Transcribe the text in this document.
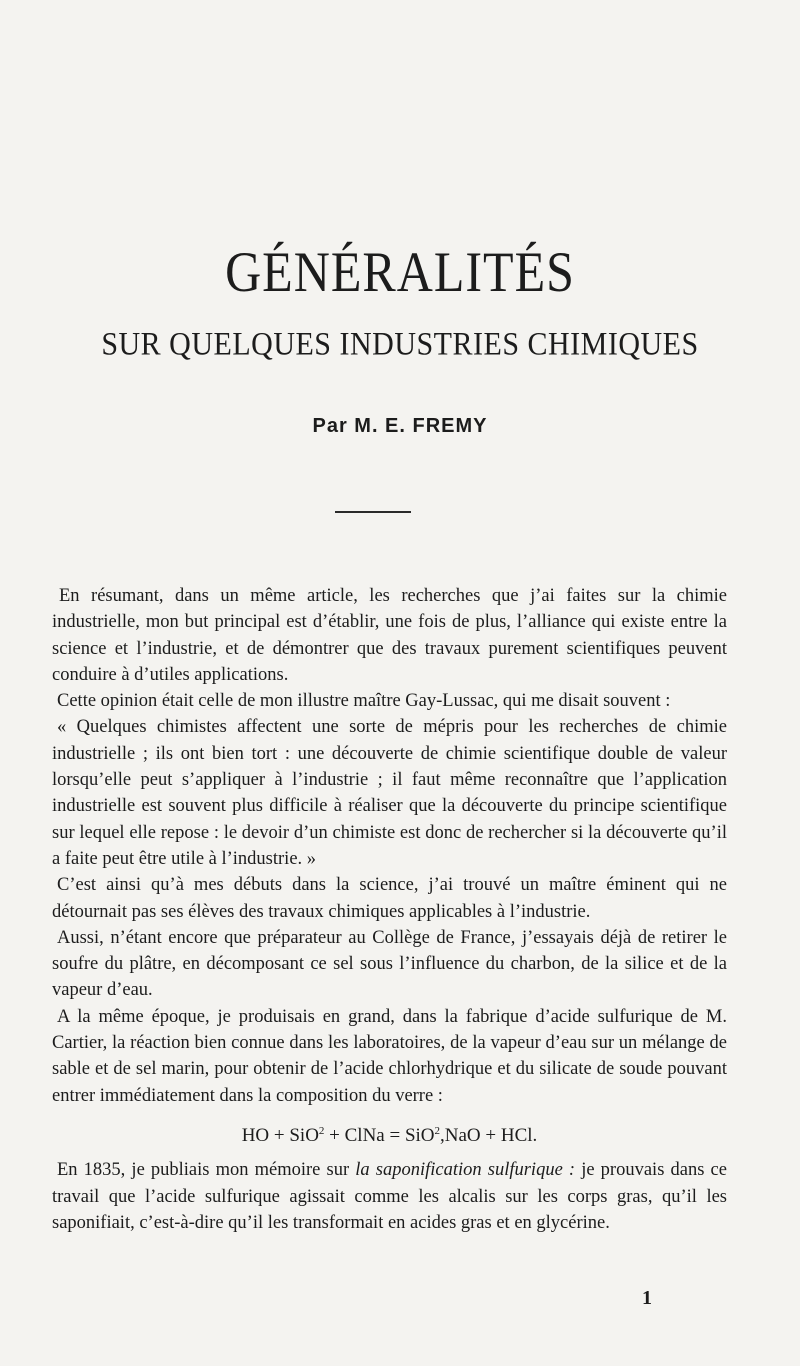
GÉNÉRALITÉS
SUR QUELQUES INDUSTRIES CHIMIQUES
Par M. E. FREMY

En résumant, dans un même article, les recherches que j’ai faites sur la chimie industrielle, mon but principal est d’établir, une fois de plus, l’alliance qui existe entre la science et l’industrie, et de démontrer que des travaux purement scientifiques peuvent conduire à d’utiles applications.

Cette opinion était celle de mon illustre maître Gay-Lussac, qui me disait souvent :

« Quelques chimistes affectent une sorte de mépris pour les recherches de chimie industrielle ; ils ont bien tort : une découverte de chimie scientifique double de valeur lorsqu’elle peut s’appliquer à l’industrie ; il faut même reconnaître que l’application industrielle est souvent plus difficile à réaliser que la découverte du principe scientifique sur lequel elle repose : le devoir d’un chimiste est donc de rechercher si la découverte qu’il a faite peut être utile à l’industrie. »

C’est ainsi qu’à mes débuts dans la science, j’ai trouvé un maître éminent qui ne détournait pas ses élèves des travaux chimiques applicables à l’industrie.

Aussi, n’étant encore que préparateur au Collège de France, j’essayais déjà de retirer le soufre du plâtre, en décomposant ce sel sous l’influence du charbon, de la silice et de la vapeur d’eau.

A la même époque, je produisais en grand, dans la fabrique d’acide sulfurique de M. Cartier, la réaction bien connue dans les laboratoires, de la vapeur d’eau sur un mélange de sable et de sel marin, pour obtenir de l’acide chlorhydrique et du silicate de soude pouvant entrer immédiatement dans la composition du verre :

HO + SiO$^2$ + ClNa = SiO$^2$,NaO + HCl.

En 1835, je publiais mon mémoire sur la saponification sulfurique : je prouvais dans ce travail que l’acide sulfurique agissait comme les alcalis sur les corps gras, qu’il les saponifiait, c’est-à-dire qu’il les transformait en acides gras et en glycérine.

1
